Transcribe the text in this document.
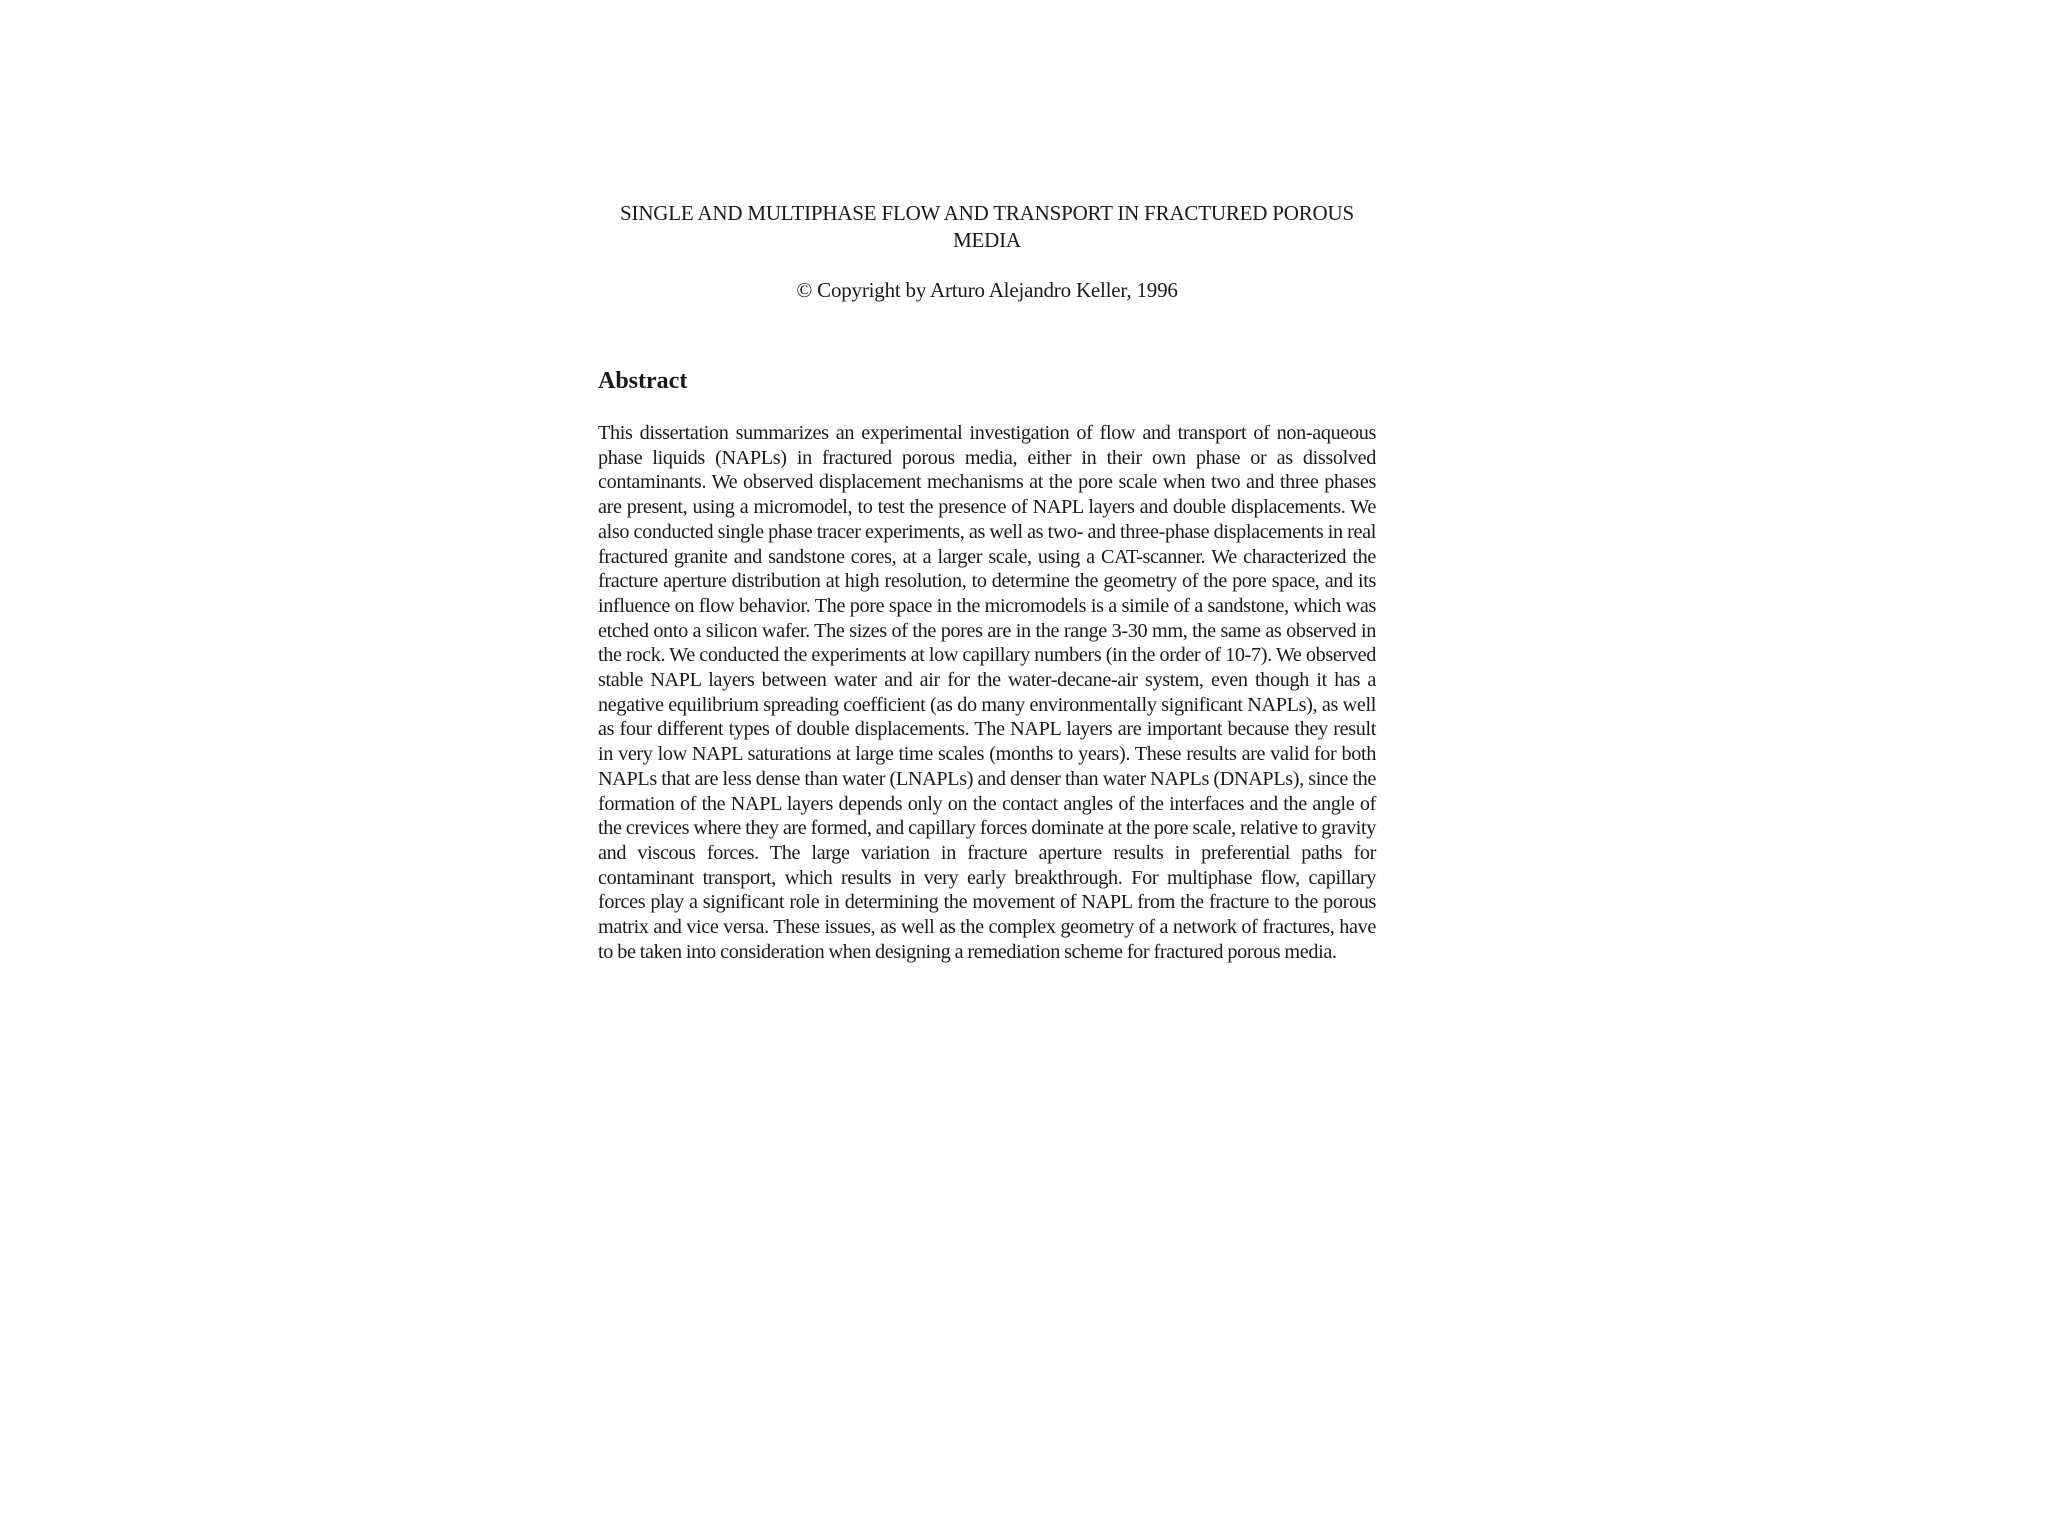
SINGLE AND MULTIPHASE FLOW AND TRANSPORT IN FRACTURED POROUS
MEDIA
© Copyright by Arturo Alejandro Keller, 1996
Abstract
This dissertation summarizes an experimental investigation of flow and transport of non-aqueous phase liquids (NAPLs) in fractured porous media, either in their own phase or as dissolved contaminants. We observed displacement mechanisms at the pore scale when two and three phases are present, using a micromodel, to test the presence of NAPL layers and double displacements. We also conducted single phase tracer experiments, as well as two- and three-phase displacements in real fractured granite and sandstone cores, at a larger scale, using a CAT-scanner. We characterized the fracture aperture distribution at high resolution, to determine the geometry of the pore space, and its influence on flow behavior. The pore space in the micromodels is a simile of a sandstone, which was etched onto a silicon wafer. The sizes of the pores are in the range 3-30 mm, the same as observed in the rock. We conducted the experiments at low capillary numbers (in the order of 10-7). We observed stable NAPL layers between water and air for the water-decane-air system, even though it has a negative equilibrium spreading coefficient (as do many environmentally significant NAPLs), as well as four different types of double displacements. The NAPL layers are important because they result in very low NAPL saturations at large time scales (months to years). These results are valid for both NAPLs that are less dense than water (LNAPLs) and denser than water NAPLs (DNAPLs), since the formation of the NAPL layers depends only on the contact angles of the interfaces and the angle of the crevices where they are formed, and capillary forces dominate at the pore scale, relative to gravity and viscous forces. The large variation in fracture aperture results in preferential paths for contaminant transport, which results in very early breakthrough. For multiphase flow, capillary forces play a significant role in determining the movement of NAPL from the fracture to the porous matrix and vice versa. These issues, as well as the complex geometry of a network of fractures, have to be taken into consideration when designing a remediation scheme for fractured porous media.
